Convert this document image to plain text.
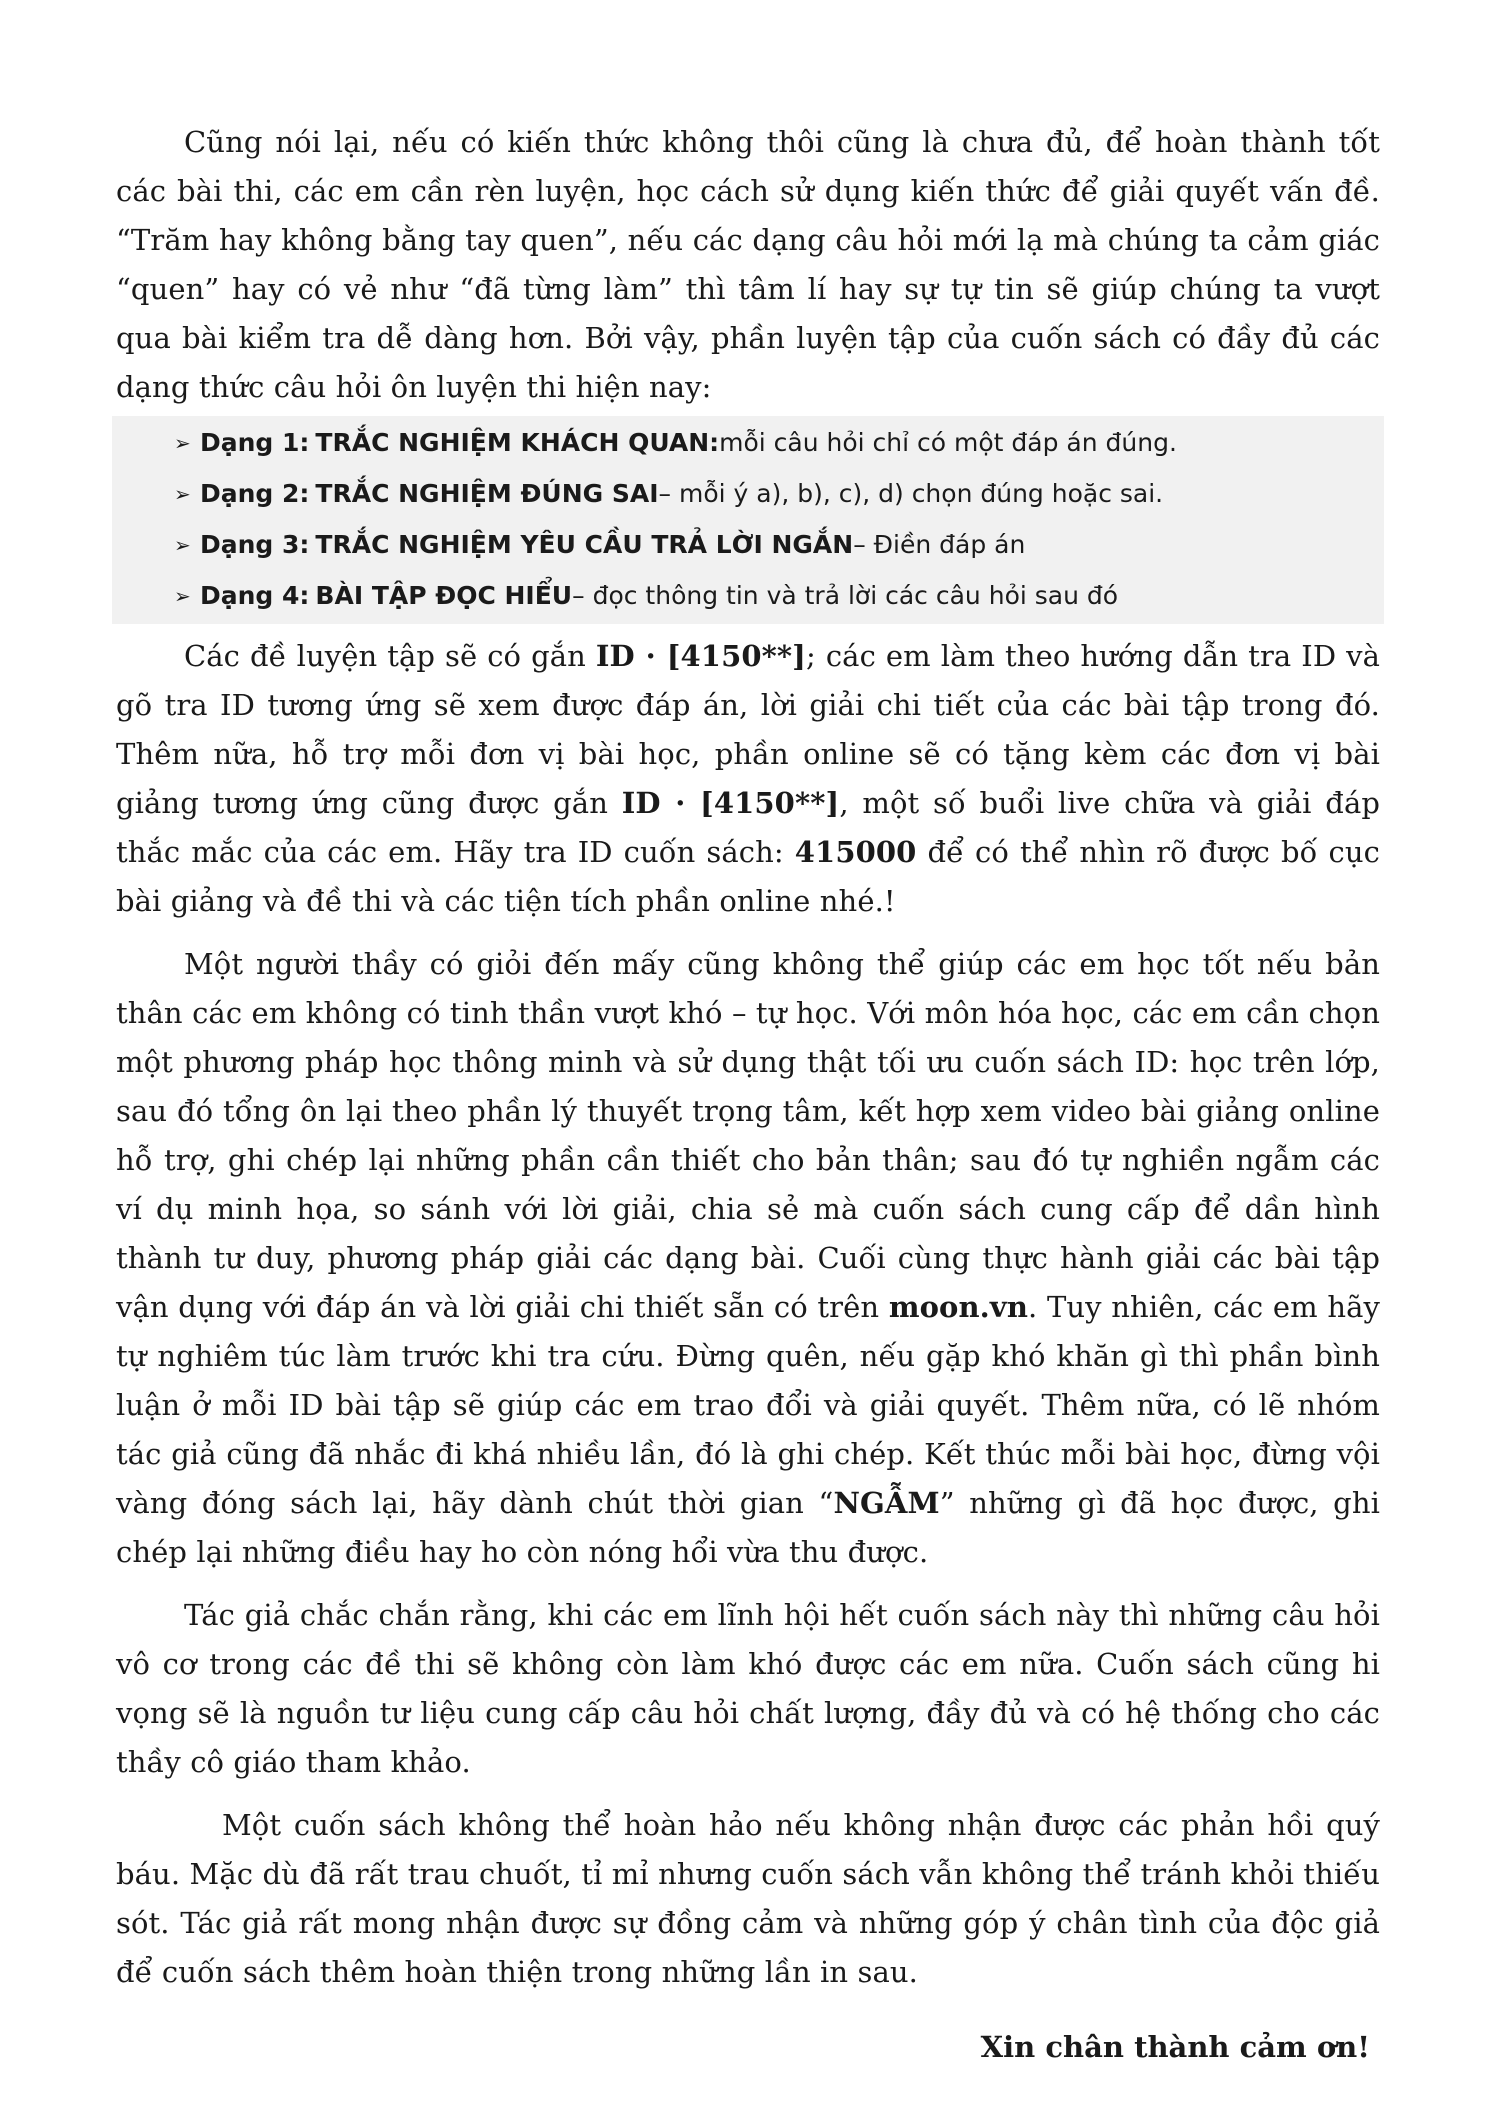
Cũng nói lại, nếu có kiến thức không thôi cũng là chưa đủ, để hoàn thành tốt các bài thi, các em cần rèn luyện, học cách sử dụng kiến thức để giải quyết vấn đề. “Trăm hay không bằng tay quen”, nếu các dạng câu hỏi mới lạ mà chúng ta cảm giác “quen” hay có vẻ như “đã từng làm” thì tâm lí hay sự tự tin sẽ giúp chúng ta vượt qua bài kiểm tra dễ dàng hơn. Bởi vậy, phần luyện tập của cuốn sách có đầy đủ các dạng thức câu hỏi ôn luyện thi hiện nay:

➢ Dạng 1: TRẮC NGHIỆM KHÁCH QUAN: mỗi câu hỏi chỉ có một đáp án đúng.
➢ Dạng 2: TRẮC NGHIỆM ĐÚNG SAI – mỗi ý a), b), c), d) chọn đúng hoặc sai.
➢ Dạng 3: TRẮC NGHIỆM YÊU CẦU TRẢ LỜI NGẮN – Điền đáp án
➢ Dạng 4: BÀI TẬP ĐỌC HIỂU – đọc thông tin và trả lời các câu hỏi sau đó

Các đề luyện tập sẽ có gắn ID · [4150**]; các em làm theo hướng dẫn tra ID và gõ tra ID tương ứng sẽ xem được đáp án, lời giải chi tiết của các bài tập trong đó. Thêm nữa, hỗ trợ mỗi đơn vị bài học, phần online sẽ có tặng kèm các đơn vị bài giảng tương ứng cũng được gắn ID · [4150**], một số buổi live chữa và giải đáp thắc mắc của các em. Hãy tra ID cuốn sách: 415000 để có thể nhìn rõ được bố cục bài giảng và đề thi và các tiện tích phần online nhé.!

Một người thầy có giỏi đến mấy cũng không thể giúp các em học tốt nếu bản thân các em không có tinh thần vượt khó – tự học. Với môn hóa học, các em cần chọn một phương pháp học thông minh và sử dụng thật tối ưu cuốn sách ID: học trên lớp, sau đó tổng ôn lại theo phần lý thuyết trọng tâm, kết hợp xem video bài giảng online hỗ trợ, ghi chép lại những phần cần thiết cho bản thân; sau đó tự nghiền ngẫm các ví dụ minh họa, so sánh với lời giải, chia sẻ mà cuốn sách cung cấp để dần hình thành tư duy, phương pháp giải các dạng bài. Cuối cùng thực hành giải các bài tập vận dụng với đáp án và lời giải chi thiết sẵn có trên moon.vn. Tuy nhiên, các em hãy tự nghiêm túc làm trước khi tra cứu. Đừng quên, nếu gặp khó khăn gì thì phần bình luận ở mỗi ID bài tập sẽ giúp các em trao đổi và giải quyết. Thêm nữa, có lẽ nhóm tác giả cũng đã nhắc đi khá nhiều lần, đó là ghi chép. Kết thúc mỗi bài học, đừng vội vàng đóng sách lại, hãy dành chút thời gian “NGẪM” những gì đã học được, ghi chép lại những điều hay ho còn nóng hổi vừa thu được.

Tác giả chắc chắn rằng, khi các em lĩnh hội hết cuốn sách này thì những câu hỏi vô cơ trong các đề thi sẽ không còn làm khó được các em nữa. Cuốn sách cũng hi vọng sẽ là nguồn tư liệu cung cấp câu hỏi chất lượng, đầy đủ và có hệ thống cho các thầy cô giáo tham khảo.

Một cuốn sách không thể hoàn hảo nếu không nhận được các phản hồi quý báu. Mặc dù đã rất trau chuốt, tỉ mỉ nhưng cuốn sách vẫn không thể tránh khỏi thiếu sót. Tác giả rất mong nhận được sự đồng cảm và những góp ý chân tình của độc giả để cuốn sách thêm hoàn thiện trong những lần in sau.

Xin chân thành cảm ơn!
